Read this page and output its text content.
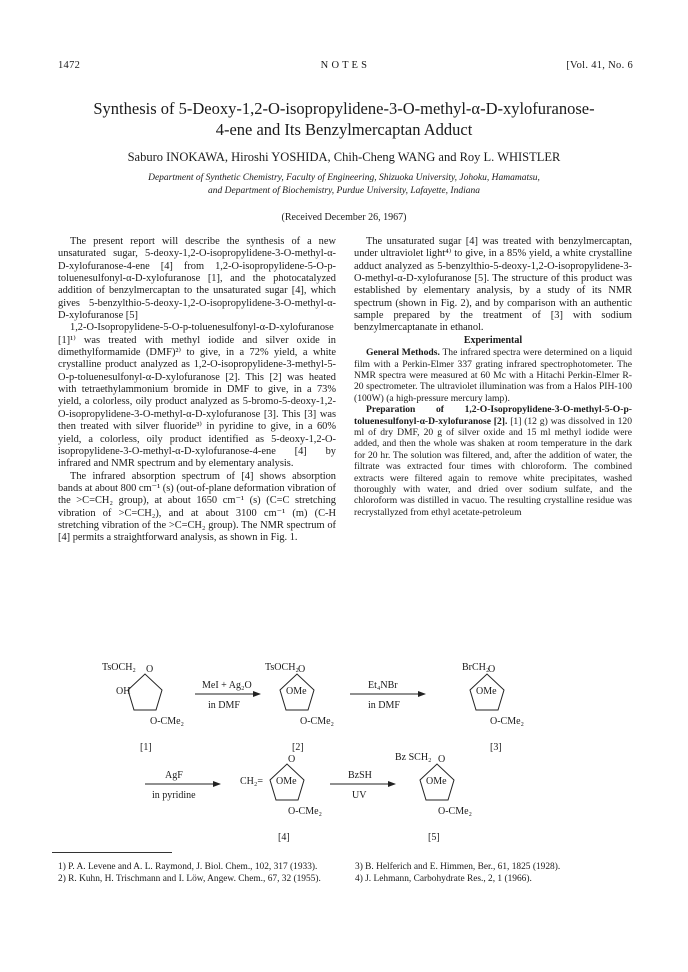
1472	N O T E S	[Vol. 41, No. 6
Synthesis of 5-Deoxy-1,2-O-isopropylidene-3-O-methyl-α-D-xylofuranose-
4-ene and Its Benzylmercaptan Adduct
Saburo INOKAWA, Hiroshi YOSHIDA, Chih-Cheng WANG and Roy L. WHISTLER
Department of Synthetic Chemistry, Faculty of Engineering, Shizuoka University, Johoku, Hamamatsu,
and Department of Biochemistry, Purdue University, Lafayette, Indiana
(Received December 26, 1967)

The present report will describe the synthesis of a new unsaturated sugar, 5-deoxy-1,2-O-isopropylidene-3-O-methyl-α-D-xylofuranose-4-ene [4] from 1,2-O-isopropylidene-5-O-p-toluenesulfonyl-α-D-xylofuranose [1], and the photocatalyzed addition of benzylmercaptan to the unsaturated sugar [4], which gives 5-benzylthio-5-deoxy-1,2-O-isopropylidene-3-O-methyl-α-D-xylofuranose [5]

1,2-O-Isopropylidene-5-O-p-toluenesulfonyl-α-D-xylofuranose [1]¹⁾ was treated with methyl iodide and silver oxide in dimethylformamide (DMF)²⁾ to give, in a 72% yield, a white crystalline product analyzed as 1,2-O-isopropylidene-3-methyl-5-O-p-toluenesulfonyl-α-D-xylofuranose [2]. This [2] was heated with tetraethylammonium bromide in DMF to give, in a 73% yield, a colorless, oily product analyzed as 5-bromo-5-deoxy-1,2-O-isopropylidene-3-O-methyl-α-D-xylofuranose [3]. This [3] was then treated with silver fluoride³⁾ in pyridine to give, in a 60% yield, a colorless, oily product identified as 5-deoxy-1,2-O-isopropylidene-3-O-methyl-α-D-xylofuranose-4-ene [4] by infrared and NMR spectrum and by elementary analysis.

The infrared absorption spectrum of [4] shows absorption bands at about 800 cm⁻¹ (s) (out-of-plane deformation vibration of the >C=CH₂ group), at about 1650 cm⁻¹ (s) (C=C stretching vibration of >C=CH₂), and at about 3100 cm⁻¹ (m) (C-H stretching vibration of the >C=CH₂ group). The NMR spectrum of [4] permits a straightforward analysis, as shown in Fig. 1.

The unsaturated sugar [4] was treated with benzylmercaptan, under ultraviolet light⁴⁾ to give, in a 85% yield, a white crystalline adduct analyzed as 5-benzylthio-5-deoxy-1,2-O-isopropylidene-3-O-methyl-α-D-xylofuranose [5]. The structure of this product was established by elementary analysis, by a study of its NMR spectrum (shown in Fig. 2), and by comparison with an authentic sample prepared by the treatment of [3] with sodium benzylmercaptanate in ethanol.

Experimental

General Methods. The infrared spectra were determined on a liquid film with a Perkin-Elmer 337 grating infrared spectrophotometer. The NMR spectra were measured at 60 Mc with a Hitachi Perkin-Elmer R-20 spectrometer. The ultraviolet illumination was from a Halos PIH-100 (100W) (a high-pressure mercury lamp).

Preparation of 1,2-O-Isopropylidene-3-O-methyl-5-O-p-toluenesulfonyl-α-D-xylofuranose [2]. [1] (12 g) was dissolved in 120 ml of dry DMF, 20 g of silver oxide and 15 ml methyl iodide were added, and then the whole was shaken at room temperature in the dark for 20 hr. The solution was filtered, and, after the addition of water, the filtrate was extracted four times with chloroform. The combined extracts were filtered again to remove white precipitates, washed thoroughly with water, and dried over sodium sulfate, and the chloroform was distilled in vacuo. The resulting crystalline residue was recrystallyzed from ethyl acetate-petroleum

TsOCH₂ O
OH
O-CMe₂
[1]
MeI + Ag₂O
in DMF
TsOCH₂ O
OMe
O-CMe₂
[2]
Et₄NBr
in DMF
BrCH₂
O
OMe
O-CMe₂
[3]
AgF
in pyridine
CH₂=
O
OMe
O-CMe₂
[4]
BzSH
UV
Bz SCH₂ O
OMe
O-CMe₂
[5]

1) P. A. Levene and A. L. Raymond, J. Biol. Chem., 102, 317 (1933).

2) R. Kuhn, H. Trischmann and I. Löw, Angew. Chem., 67, 32 (1955).

3) B. Helferich and E. Himmen, Ber., 61, 1825 (1928).

4) J. Lehmann, Carbohydrate Res., 2, 1 (1966).
